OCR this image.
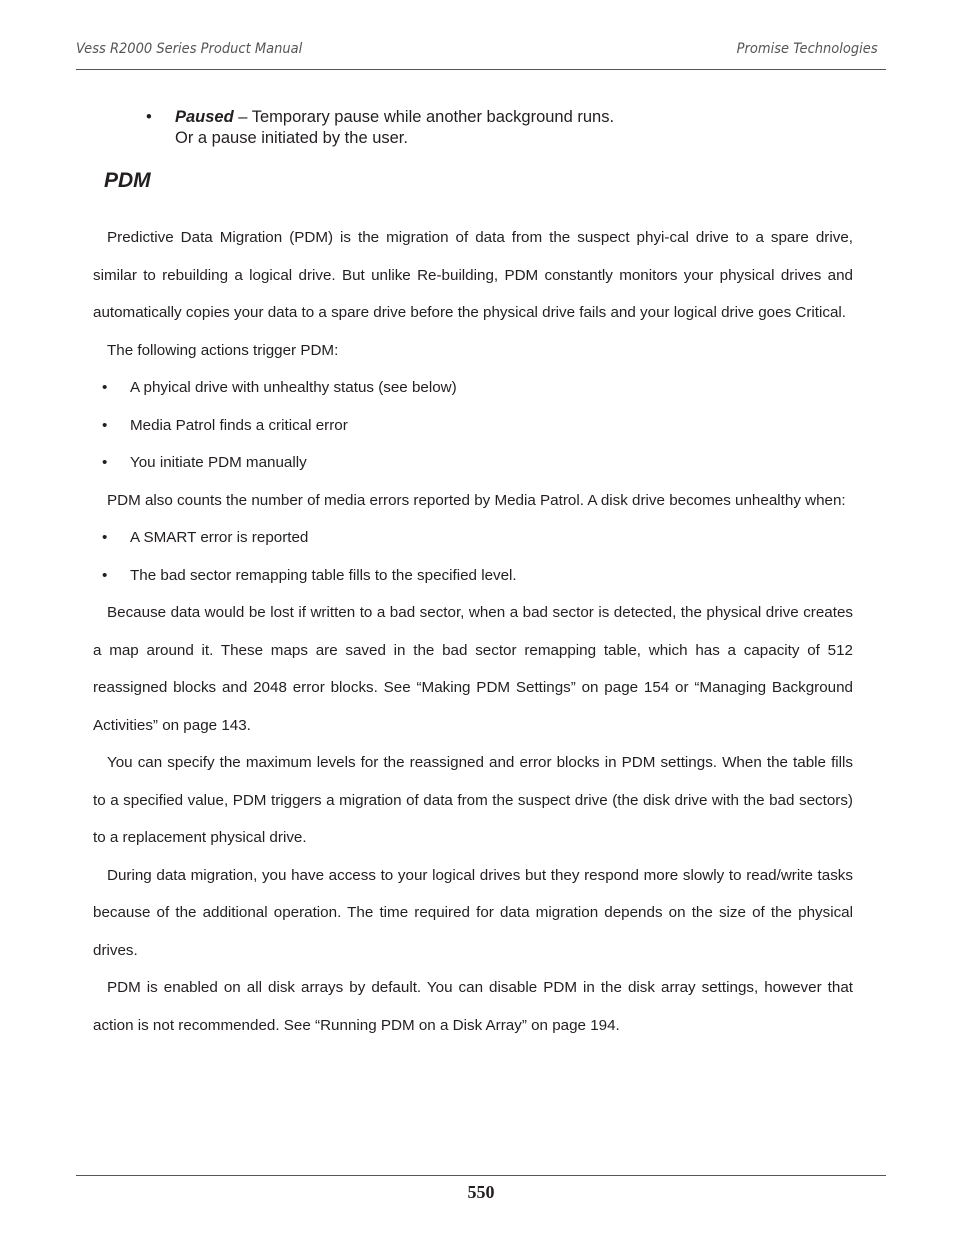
Vess R2000 Series Product Manual	Promise Technologies
• Paused – Temporary pause while another background runs. Or a pause initiated by the user.
PDM

Predictive Data Migration (PDM) is the migration of data from the suspect phyi-cal drive to a spare drive, similar to rebuilding a logical drive. But unlike Re-building, PDM constantly monitors your physical drives and automatically copies your data to a spare drive before the physical drive fails and your logical drive goes Critical.

The following actions trigger PDM:

• A phyical drive with unhealthy status (see below)
• Media Patrol finds a critical error
• You initiate PDM manually

PDM also counts the number of media errors reported by Media Patrol. A disk drive becomes unhealthy when:

• A SMART error is reported
• The bad sector remapping table fills to the specified level.

Because data would be lost if written to a bad sector, when a bad sector is detected, the physical drive creates a map around it. These maps are saved in the bad sector remapping table, which has a capacity of 512 reassigned blocks and 2048 error blocks. See “Making PDM Settings” on page 154 or “Managing Background Activities” on page 143.

You can specify the maximum levels for the reassigned and error blocks in PDM settings. When the table fills to a specified value, PDM triggers a migration of data from the suspect drive (the disk drive with the bad sectors) to a replacement physical drive.

During data migration, you have access to your logical drives but they respond more slowly to read/write tasks because of the additional operation. The time required for data migration depends on the size of the physical drives.

PDM is enabled on all disk arrays by default. You can disable PDM in the disk array settings, however that action is not recommended. See “Running PDM on a Disk Array” on page 194.

550
